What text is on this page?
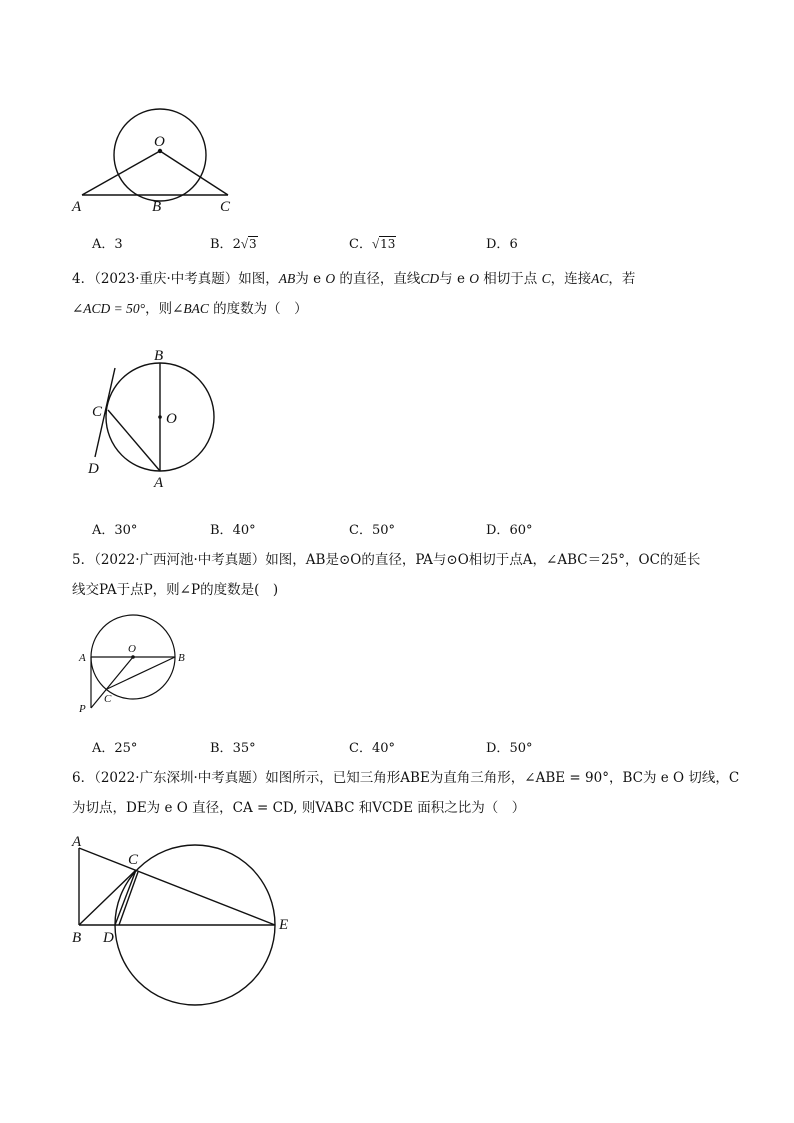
O
A	B	C
A．3	B．2√3	C．√13	D．6
4．（2023·重庆·中考真题）如图，AB为 e O 的直径，直线CD与 e O 相切于点 C，连接AC，若
∠ACD = 50°，则∠BAC 的度数为（　）
B
C	O
D
A
A．30°	B．40°	C．50°	D．60°
5．（2022·广西河池·中考真题）如图，AB是⊙O的直径，PA与⊙O相切于点A，∠ABC＝25°，OC的延长
线交PA于点P，则∠P的度数是(　)
O
A	B
C
P
A．25°	B．35°	C．40°	D．50°
6．（2022·广东深圳·中考真题）如图所示，已知三角形ABE为直角三角形，∠ABE = 90°，BC为 e O 切线，C
为切点，DE为 e O 直径，CA = CD, 则VABC 和VCDE 面积之比为（　）
A
C
E
B D
